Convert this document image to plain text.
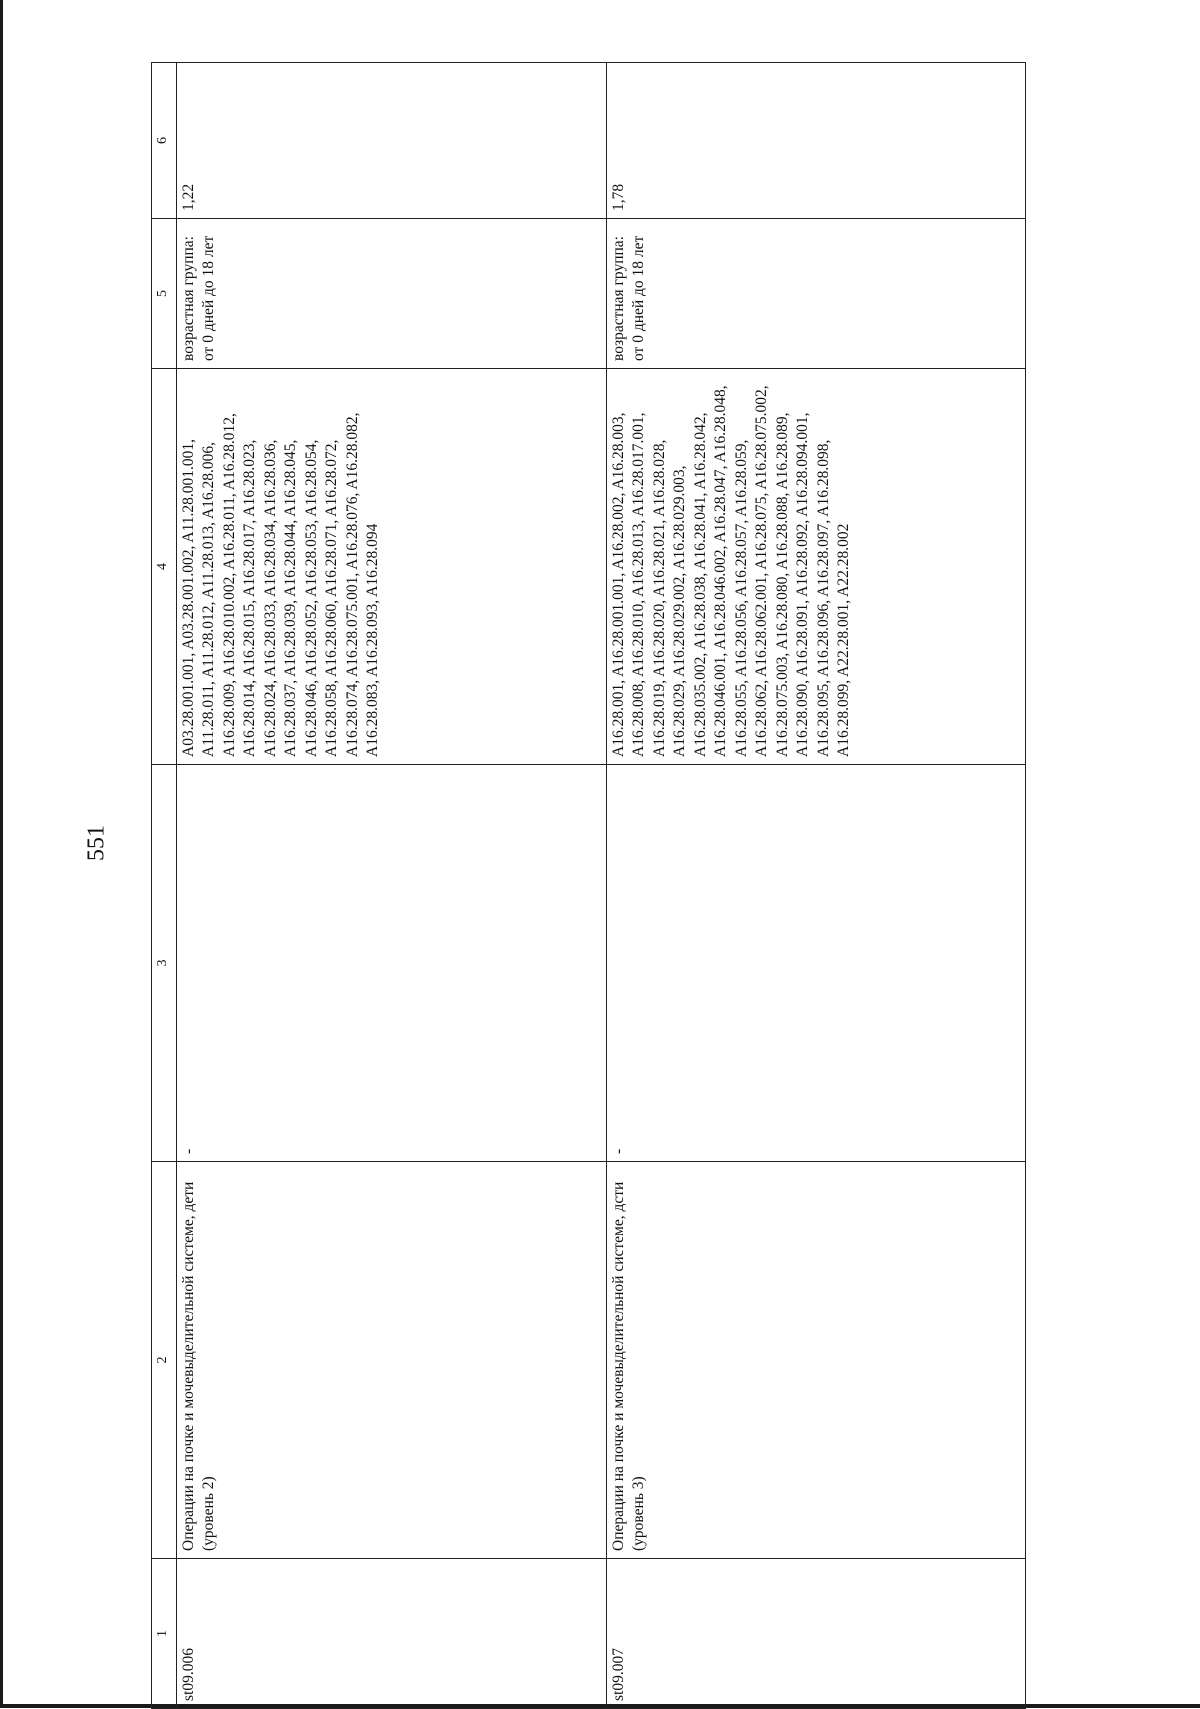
551
1	2	3	4	5	6
st09.006	Операции на почке и мочевыделительной системе, дети (уровень 2)	-	A03.28.001.001, A03.28.001.002, A11.28.001.001, A11.28.011, A11.28.012, A11.28.013, A16.28.006, A16.28.009, A16.28.010.002, A16.28.011, A16.28.012, A16.28.014, A16.28.015, A16.28.017, A16.28.023, A16.28.024, A16.28.033, A16.28.034, A16.28.036, A16.28.037, A16.28.039, A16.28.044, A16.28.045, A16.28.046, A16.28.052, A16.28.053, A16.28.054, A16.28.058, A16.28.060, A16.28.071, A16.28.072, A16.28.074, A16.28.075.001, A16.28.076, A16.28.082, A16.28.083, A16.28.093, A16.28.094	возрастная группа: от 0 дней до 18 лет	1,22
st09.007	Операции на почке и мочевыделительной системе, дсти (уровень 3)	-	A16.28.001, A16.28.001.001, A16.28.002, A16.28.003, A16.28.008, A16.28.010, A16.28.013, A16.28.017.001, A16.28.019, A16.28.020, A16.28.021, A16.28.028, A16.28.029, A16.28.029.002, A16.28.029.003, A16.28.035.002, A16.28.038, A16.28.041, A16.28.042, A16.28.046.001, A16.28.046.002, A16.28.047, A16.28.048, A16.28.055, A16.28.056, A16.28.057, A16.28.059, A16.28.062, A16.28.062.001, A16.28.075, A16.28.075.002, A16.28.075.003, A16.28.080, A16.28.088, A16.28.089, A16.28.090, A16.28.091, A16.28.092, A16.28.094.001, A16.28.095, A16.28.096, A16.28.097, A16.28.098, A16.28.099, A22.28.001, A22.28.002	возрастная группа: от 0 дней до 18 лет	1,78
